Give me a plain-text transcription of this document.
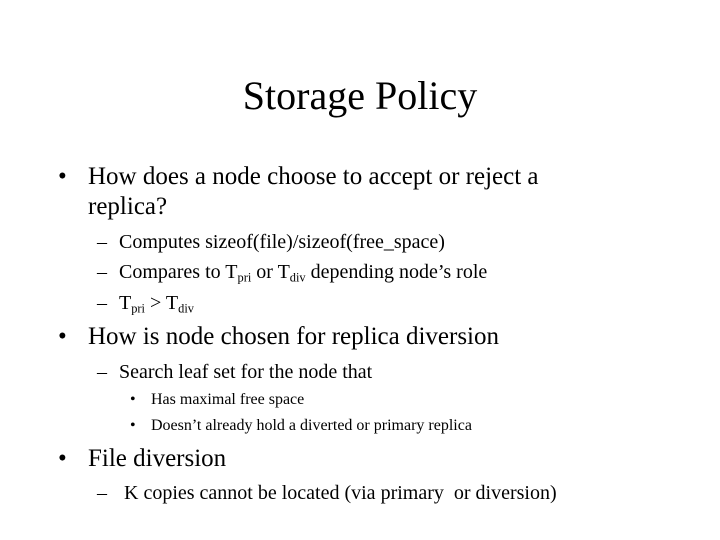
Storage Policy
• How does a node choose to accept or reject a
replica?
– Computes sizeof(file)/sizeof(free_space)
– Compares to $T_{pri}$ or $T_{div}$ depending node’s role
– $T_{pri} > T_{div}$
• How is node chosen for replica diversion
– Search leaf set for the node that
• Has maximal free space
• Doesn’t already hold a diverted or primary replica
• File diversion
– K copies cannot be located (via primary  or diversion)
